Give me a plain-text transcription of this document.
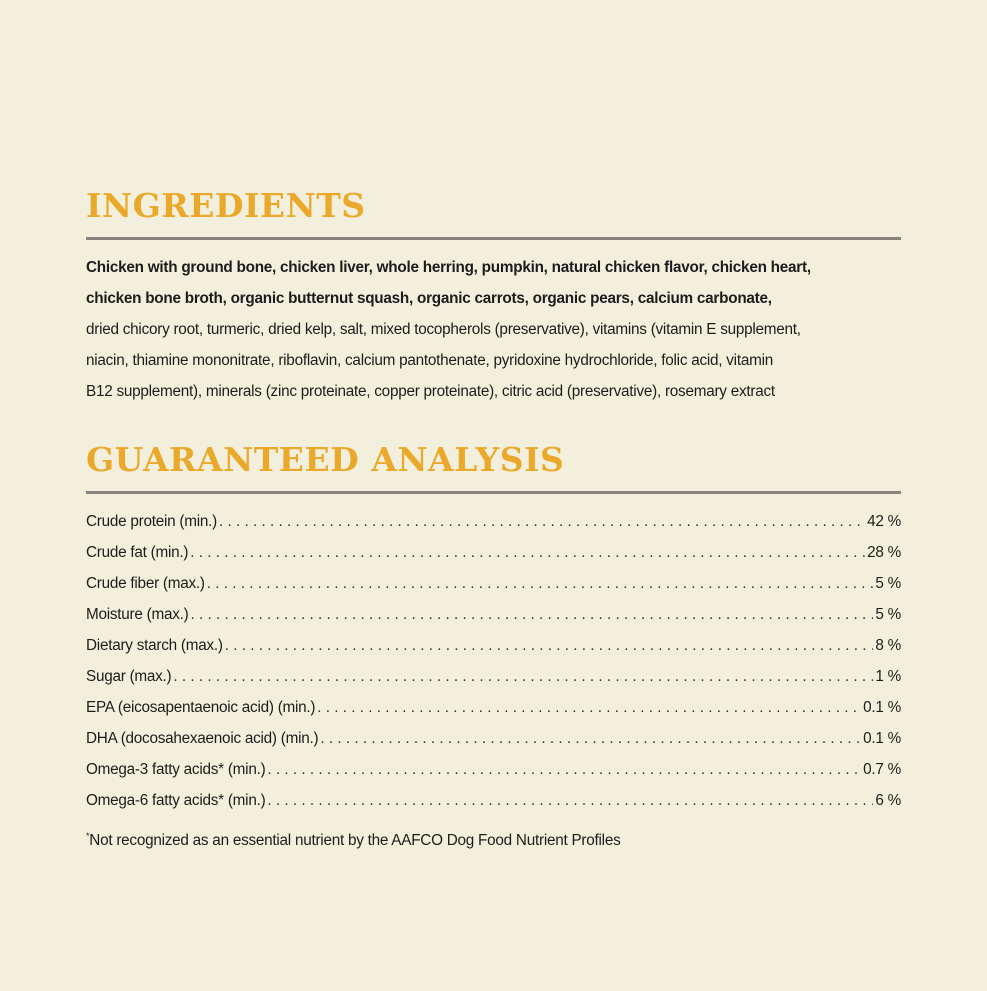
INGREDIENTS
Chicken with ground bone, chicken liver, whole herring, pumpkin, natural chicken flavor, chicken heart,
chicken bone broth, organic butternut squash, organic carrots, organic pears, calcium carbonate,
dried chicory root, turmeric, dried kelp, salt, mixed tocopherols (preservative), vitamins (vitamin E supplement,
niacin, thiamine mononitrate, riboflavin, calcium pantothenate, pyridoxine hydrochloride, folic acid, vitamin
B12 supplement), minerals (zinc proteinate, copper proteinate), citric acid (preservative), rosemary extract
GUARANTEED ANALYSIS
Crude protein (min.) . . .	42 %
Crude fat (min.) . . .	28 %
Crude fiber (max.) . . .	5 %
Moisture (max.) . . .	5 %
Dietary starch (max.) . . .	8 %
Sugar (max.) . . .	1 %
EPA (eicosapentaenoic acid) (min.) . . .	0.1 %
DHA (docosahexaenoic acid) (min.) . . .	0.1 %
Omega-3 fatty acids* (min.) . . .	0.7 %
Omega-6 fatty acids* (min.) . . .	6 %
*Not recognized as an essential nutrient by the AAFCO Dog Food Nutrient Profiles
